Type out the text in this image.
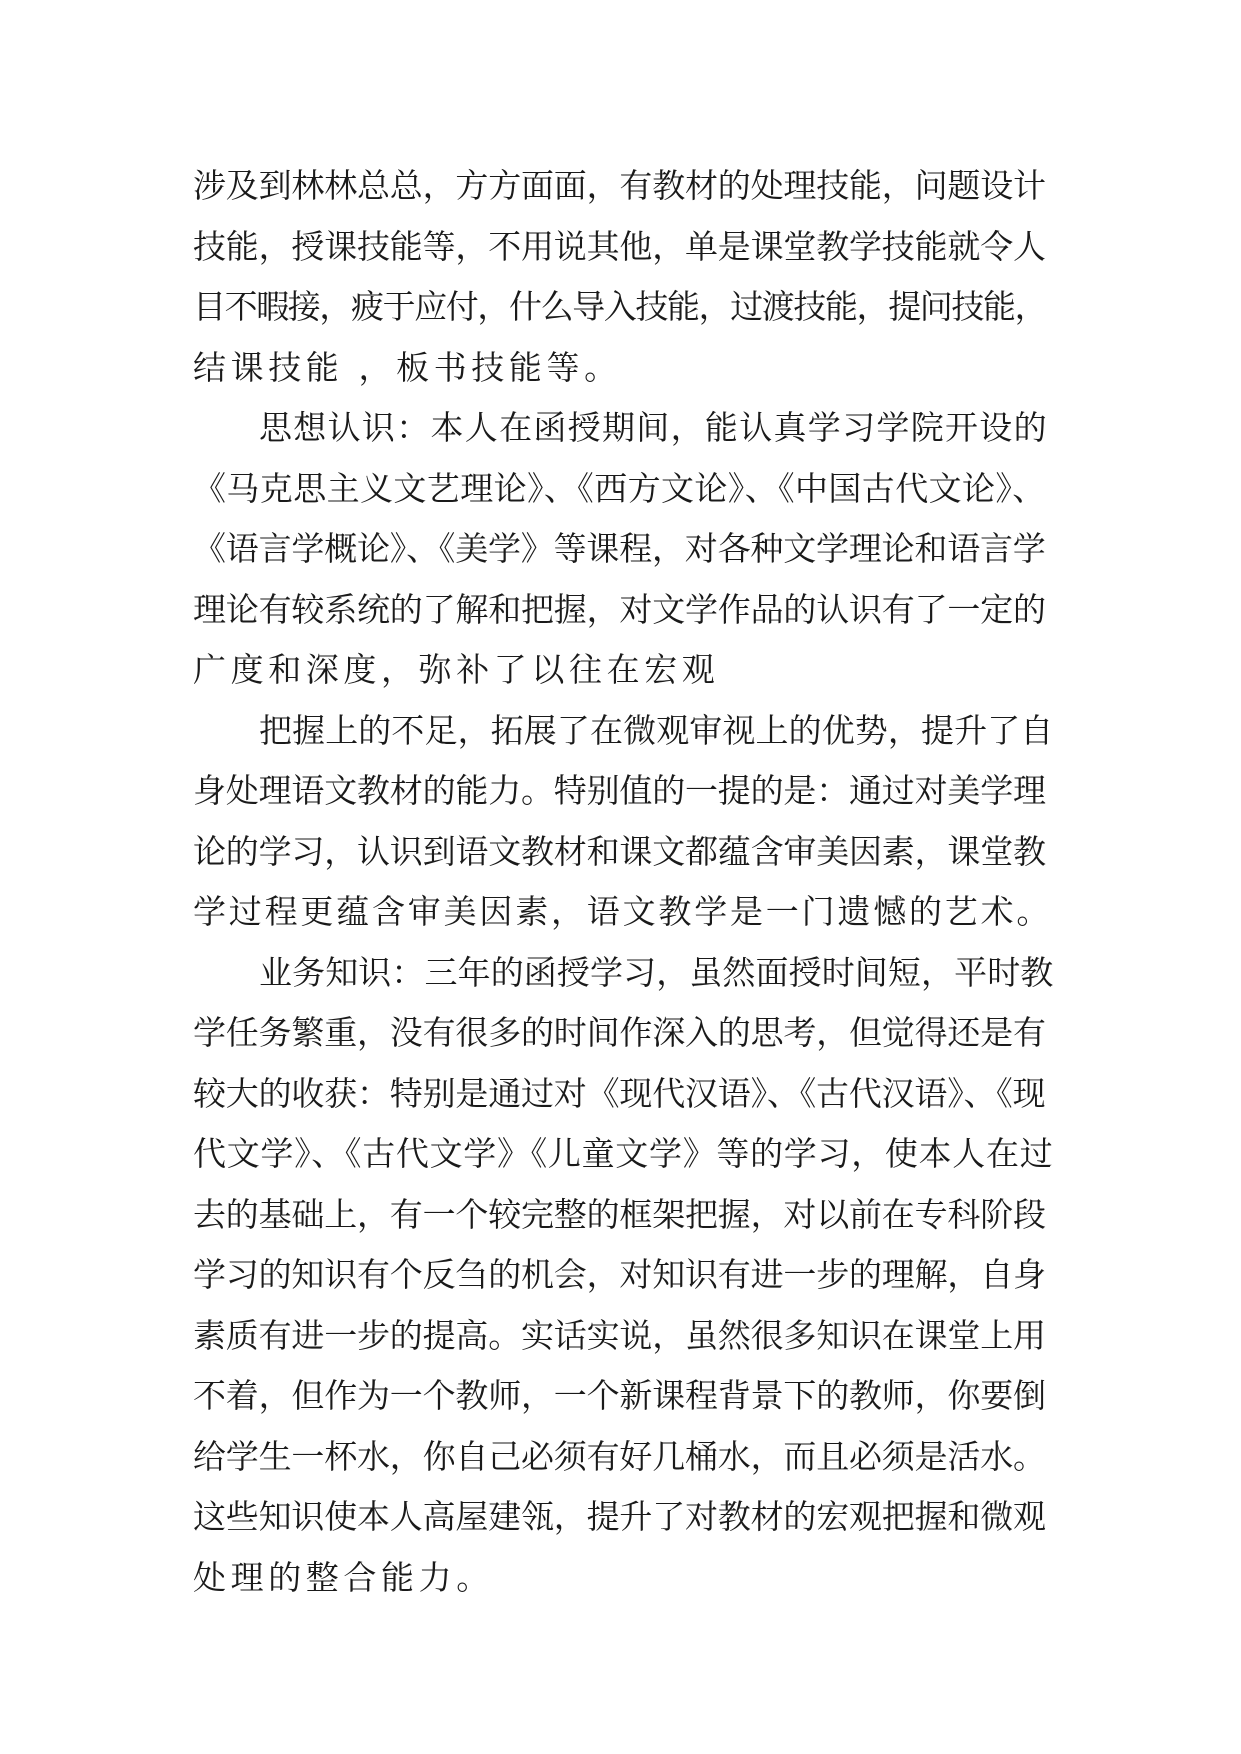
涉及到林林总总，方方面面，有教材的处理技能，问题设计
技能，授课技能等，不用说其他，单是课堂教学技能就令人
目不暇接，疲于应付，什么导入技能，过渡技能，提问技能，
结课技能 ，板书技能等。
思想认识：本人在函授期间，能认真学习学院开设的
《马克思主义文艺理论》、《西方文论》、《中国古代文论》、
《语言学概论》、《美学》等课程，对各种文学理论和语言学
理论有较系统的了解和把握，对文学作品的认识有了一定的
广度和深度，弥补了以往在宏观
把握上的不足，拓展了在微观审视上的优势，提升了自
身处理语文教材的能力。特别值的一提的是：通过对美学理
论的学习，认识到语文教材和课文都蕴含审美因素，课堂教
学过程更蕴含审美因素，语文教学是一门遗憾的艺术。
业务知识：三年的函授学习，虽然面授时间短，平时教
学任务繁重，没有很多的时间作深入的思考，但觉得还是有
较大的收获：特别是通过对《现代汉语》、《古代汉语》、《现
代文学》、《古代文学》《儿童文学》等的学习，使本人在过
去的基础上，有一个较完整的框架把握，对以前在专科阶段
学习的知识有个反刍的机会，对知识有进一步的理解，自身
素质有进一步的提高。实话实说，虽然很多知识在课堂上用
不着，但作为一个教师，一个新课程背景下的教师，你要倒
给学生一杯水，你自己必须有好几桶水，而且必须是活水。
这些知识使本人高屋建瓴，提升了对教材的宏观把握和微观
处理的整合能力。
